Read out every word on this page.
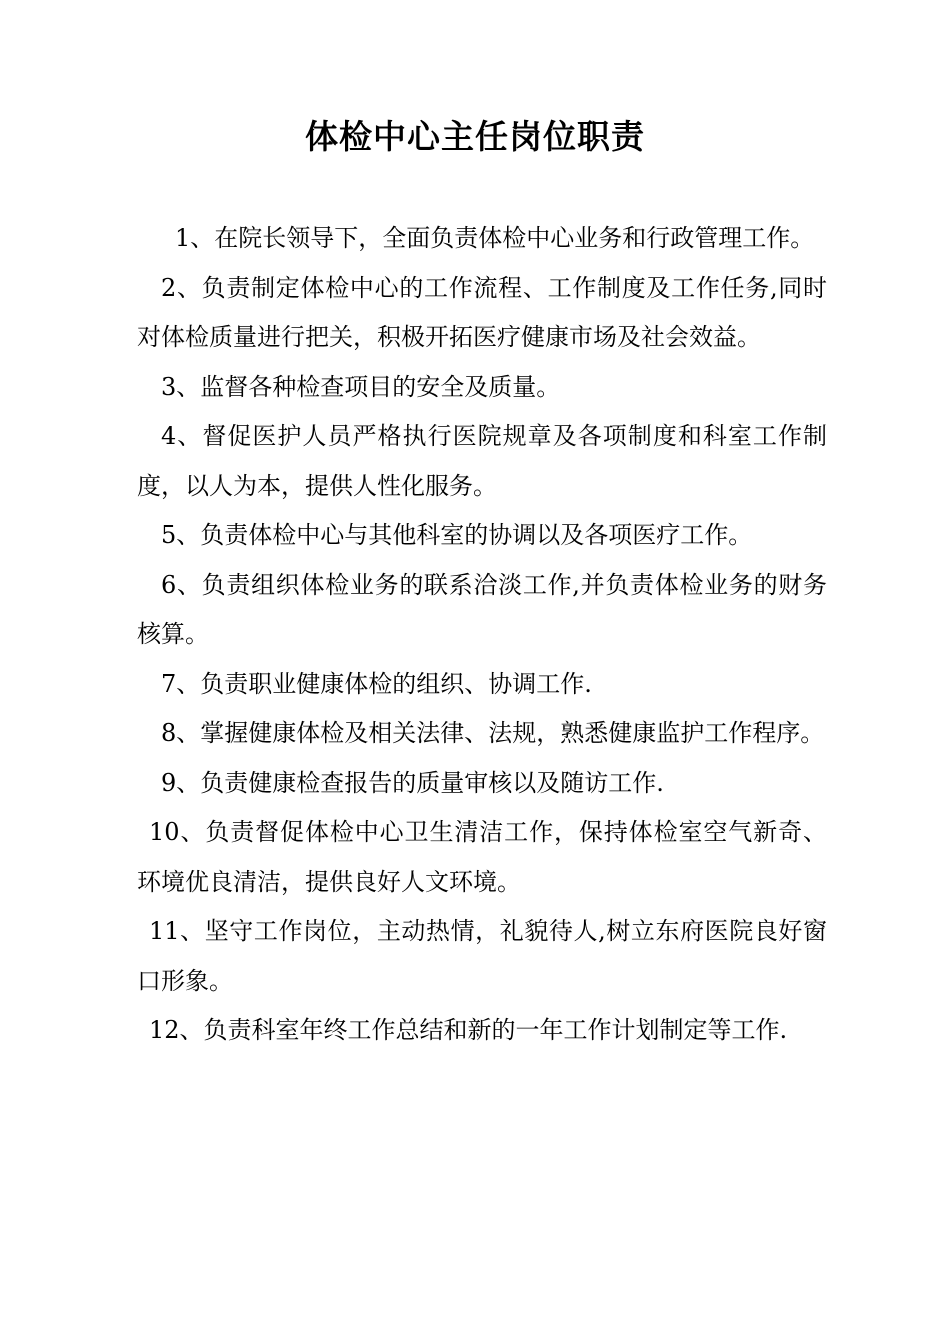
体检中心主任岗位职责

1、在院长领导下，全面负责体检中心业务和行政管理工作。

2、负责制定体检中心的工作流程、工作制度及工作任务,同时对体检质量进行把关，积极开拓医疗健康市场及社会效益。

3、监督各种检查项目的安全及质量。

4、督促医护人员严格执行医院规章及各项制度和科室工作制度，以人为本，提供人性化服务。

5、负责体检中心与其他科室的协调以及各项医疗工作。

6、负责组织体检业务的联系洽淡工作,并负责体检业务的财务核算。

7、负责职业健康体检的组织、协调工作.

8、掌握健康体检及相关法律、法规，熟悉健康监护工作程序。

9、负责健康检查报告的质量审核以及随访工作.

10、负责督促体检中心卫生清洁工作，保持体检室空气新奇、环境优良清洁，提供良好人文环境。

11、坚守工作岗位，主动热情，礼貌待人,树立东府医院良好窗口形象。

12、负责科室年终工作总结和新的一年工作计划制定等工作.
